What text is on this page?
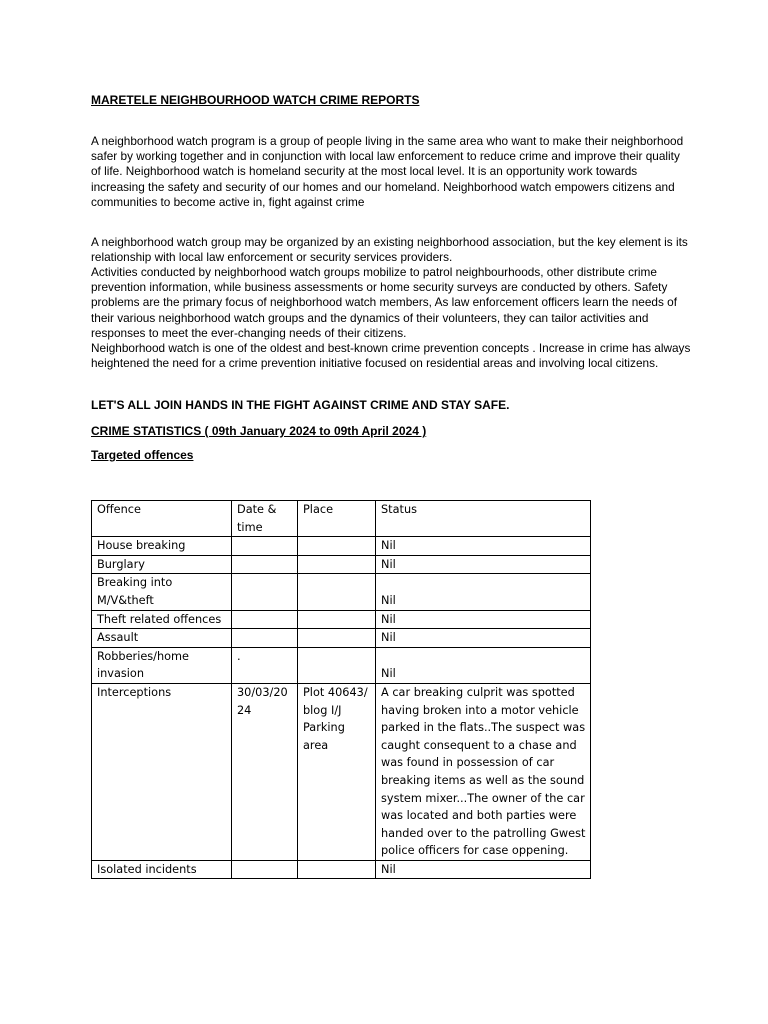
MARETELE NEIGHBOURHOOD WATCH CRIME REPORTS

A neighborhood watch program is a group of people living in the same area who want to make their neighborhood safer by working together and in conjunction with local law enforcement to reduce crime and improve their quality of life. Neighborhood watch is homeland security at the most local level. It is an opportunity work towards increasing the safety and security of our homes and our homeland. Neighborhood watch empowers citizens and communities to become active in, fight against crime

A neighborhood watch group may be organized by an existing neighborhood association, but the key element is its relationship with local law enforcement or security services providers.

Activities conducted by neighborhood watch groups mobilize to patrol neighbourhoods, other distribute crime prevention information, while business assessments or home security surveys are conducted by others. Safety problems are the primary focus of neighborhood watch members, As law enforcement officers learn the needs of their various neighborhood watch groups and the dynamics of their volunteers, they can tailor activities and responses to meet the ever-changing needs of their citizens.

Neighborhood watch is one of the oldest and best-known crime prevention concepts . Increase in crime has always heightened the need for a crime prevention initiative focused on residential areas and involving local citizens.

LET'S ALL JOIN HANDS IN THE FIGHT AGAINST CRIME AND STAY SAFE.

CRIME STATISTICS ( 09th January 2024 to 09th April 2024 )

Targeted offences

Offence	Date & time	Place	Status
House breaking			Nil
Burglary			Nil
Breaking into M/V&theft			Nil
Theft related offences			Nil
Assault			Nil
Robberies/home invasion	.		Nil
Interceptions	30/03/2024	Plot 40643/ blog I/J Parking area	A car breaking culprit was spotted having broken into a motor vehicle parked in the flats..The suspect was caught consequent to a chase and was found in possession of car breaking items as well as the sound system mixer...The owner of the car was located and both parties were handed over to the patrolling Gwest police officers for case oppening.
Isolated incidents			Nil
